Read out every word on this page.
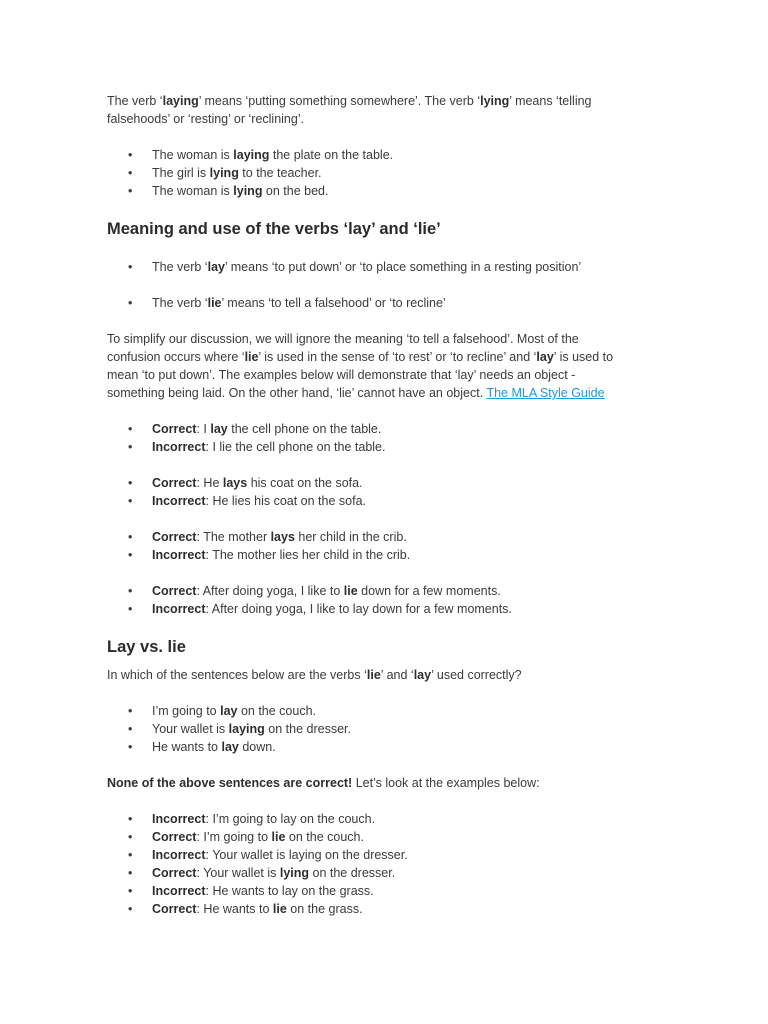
The verb ‘laying’ means ‘putting something somewhere’. The verb ‘lying’ means ‘telling
falsehoods’ or ‘resting’ or ‘reclining’.

• The woman is laying the plate on the table.
• The girl is lying to the teacher.
• The woman is lying on the bed.
Meaning and use of the verbs ‘lay’ and ‘lie’
• The verb ‘lay’ means ‘to put down’ or ‘to place something in a resting position’
• The verb ‘lie’ means ‘to tell a falsehood’ or ‘to recline’

To simplify our discussion, we will ignore the meaning ‘to tell a falsehood’. Most of the
confusion occurs where ‘lie’ is used in the sense of ‘to rest’ or ‘to recline’ and ‘lay’ is used to
mean ‘to put down’. The examples below will demonstrate that ‘lay’ needs an object -
something being laid. On the other hand, ‘lie’ cannot have an object. The MLA Style Guide

• Correct: I lay the cell phone on the table.
• Incorrect: I lie the cell phone on the table.
• Correct: He lays his coat on the sofa.
• Incorrect: He lies his coat on the sofa.
• Correct: The mother lays her child in the crib.
• Incorrect: The mother lies her child in the crib.
• Correct: After doing yoga, I like to lie down for a few moments.
• Incorrect: After doing yoga, I like to lay down for a few moments.
Lay vs. lie

In which of the sentences below are the verbs ‘lie’ and ‘lay’ used correctly?

• I’m going to lay on the couch.
• Your wallet is laying on the dresser.
• He wants to lay down.

None of the above sentences are correct! Let’s look at the examples below:

• Incorrect: I’m going to lay on the couch.
• Correct: I’m going to lie on the couch.
• Incorrect: Your wallet is laying on the dresser.
• Correct: Your wallet is lying on the dresser.
• Incorrect: He wants to lay on the grass.
• Correct: He wants to lie on the grass.
